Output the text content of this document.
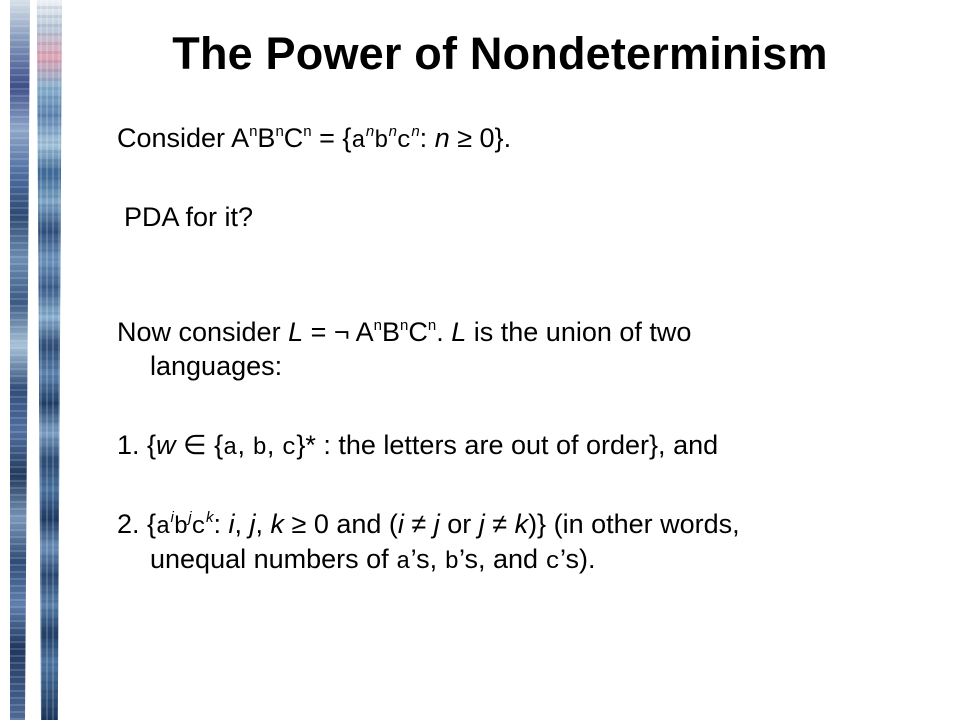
The Power of Nondeterminism
Consider $A^nB^nC^n = \{a^nb^nc^n$: n ≥ 0}.
PDA for it?
Now consider L = ¬ $A^nB^nC^n$. L is the union of two
languages:
1. {w ∈ {a, b, c}* : the letters are out of order}, and
2. {$a^ib^jc^k$: i, j, k ≥ 0 and (i ≠ j or j ≠ k)} (in other words,
unequal numbers of a’s, b’s, and c’s).
